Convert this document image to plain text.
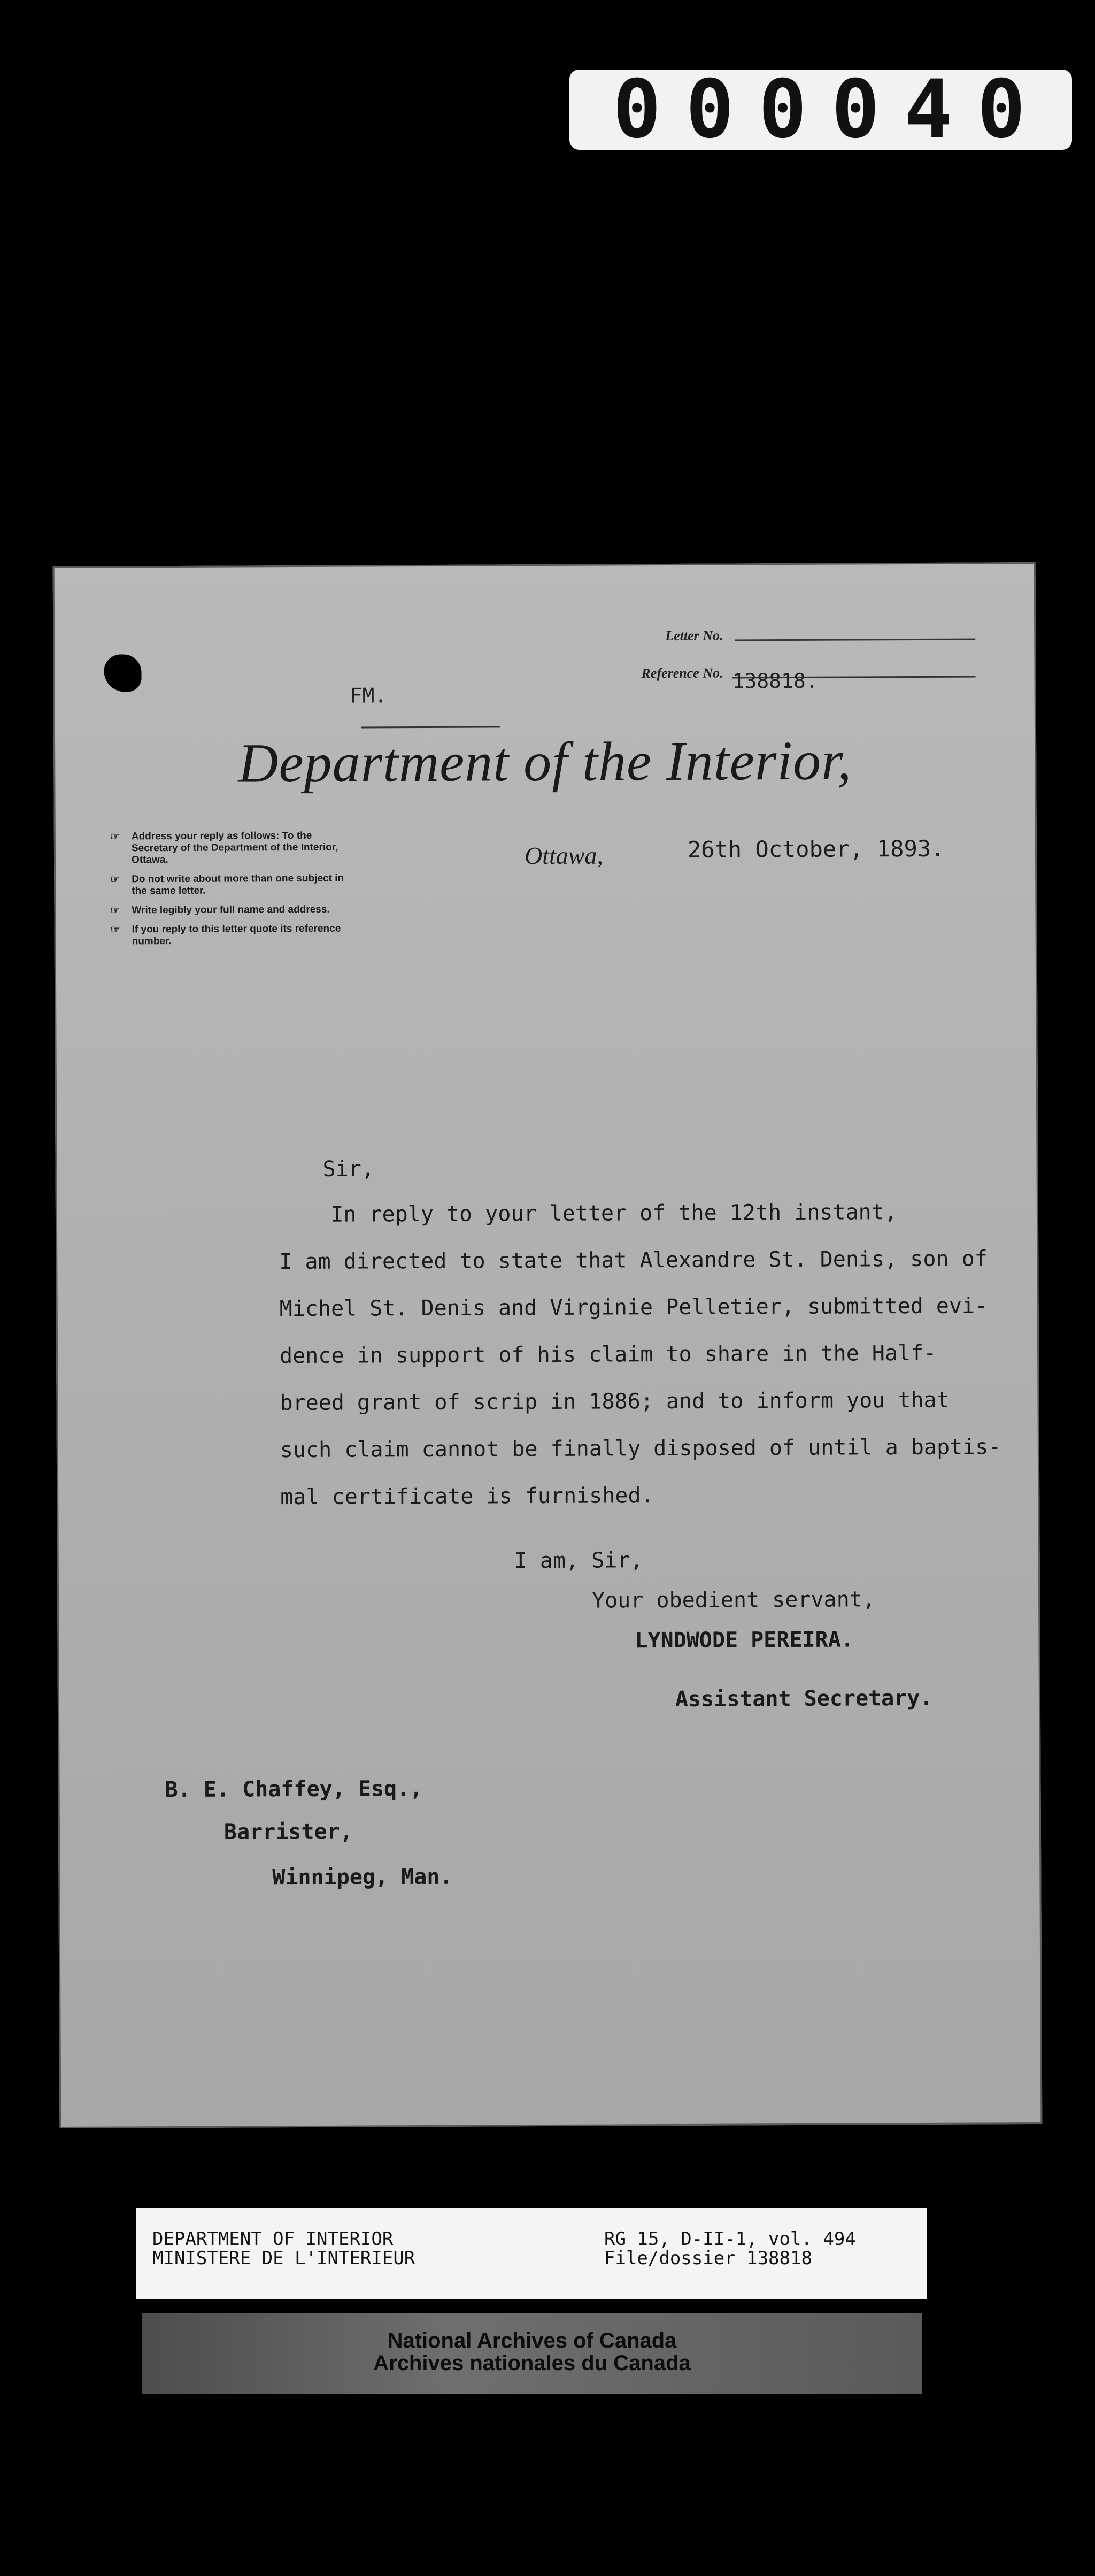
000040
Letter No.
Reference No. 138818.
FM.
Department of the Interior,
☞	Address your reply as follows: To the Secretary of the Department of the Interior, Ottawa.
☞	Do not write about more than one subject in the same letter.
☞	Write legibly your full name and address.
☞	If you reply to this letter quote its reference number.
Ottawa,	26th October, 1893.
Sir,
In reply to your letter of the 12th instant,
I am directed to state that Alexandre St. Denis, son of
Michel St. Denis and Virginie Pelletier, submitted evi-
dence in support of his claim to share in the Half-
breed grant of scrip in 1886; and to inform you that
such claim cannot be finally disposed of until a baptis-
mal certificate is furnished.
I am, Sir,
Your obedient servant,
LYNDWODE PEREIRA.
Assistant Secretary.
B. E. Chaffey, Esq.,
Barrister,
Winnipeg, Man.
DEPARTMENT OF INTERIOR
MINISTERE DE L'INTERIEUR
RG 15, D-II-1, vol. 494
File/dossier 138818
National Archives of Canada
Archives nationales du Canada
